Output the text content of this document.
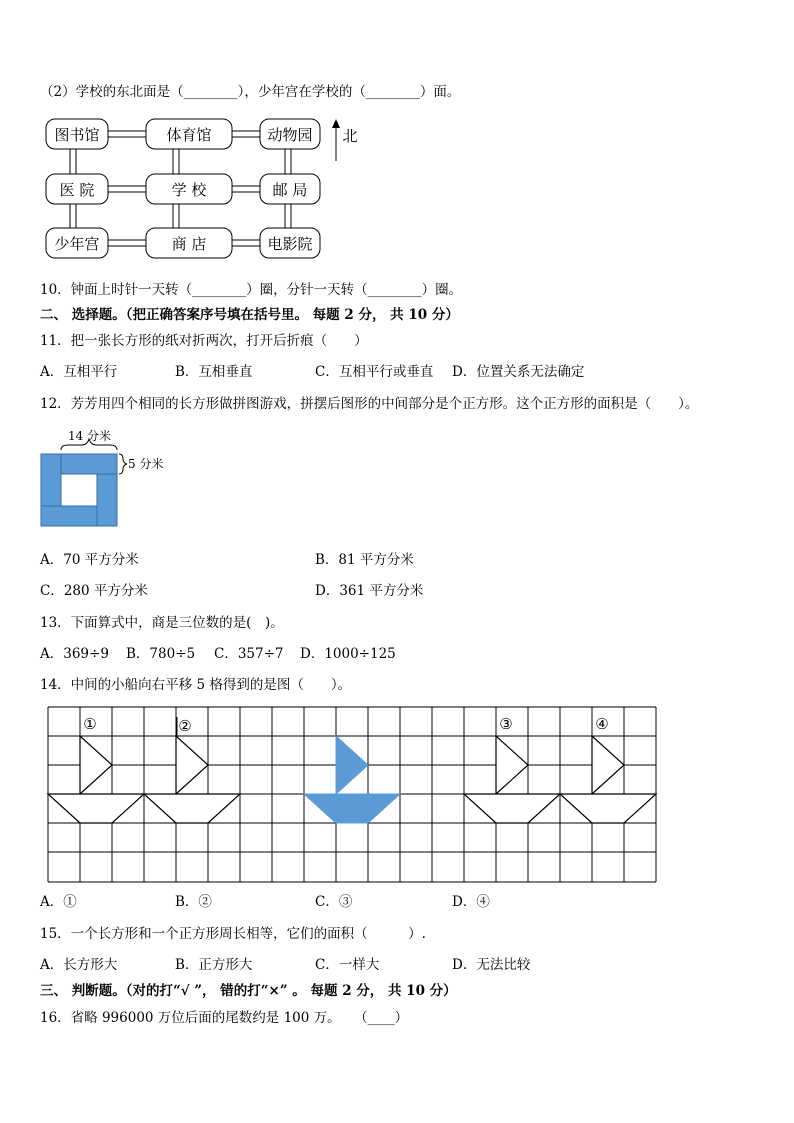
（2）学校的东北面是（________），少年宫在学校的（________）面。
图书馆	体育馆	动物园
医 院	学 校	邮 局
少年宫	商 店	电影院
北
10．钟面上时针一天转（________）圈，分针一天转（________）圈。
二、 选择题。（把正确答案序号填在括号里。 每题 2 分， 共 10 分）
11．把一张长方形的纸对折两次，打开后折痕（　　）
A．互相平行	B．互相垂直	C．互相平行或垂直 D．位置关系无法确定
12．芳芳用四个相同的长方形做拼图游戏，拼摆后图形的中间部分是个正方形。这个正方形的面积是（　　）。
14 分米
5 分米
A．70 平方分米	B．81 平方分米
C．280 平方分米	D．361 平方分米
13．下面算式中，商是三位数的是(　)。
A．369÷9 B．780÷5 C．357÷7 D．1000÷125
14．中间的小船向右平移 5 格得到的是图（　　）。
①	②	③	④
A．①	B．②	C．③	D．④
15．一个长方形和一个正方形周长相等，它们的面积（　　　）.
A．长方形大	B．正方形大	C．一样大	D．无法比较
三、 判断题。（对的打“√ ”， 错的打“×” 。 每题 2 分， 共 10 分）
16．省略 996000 万位后面的尾数约是 100 万。　　（____）
